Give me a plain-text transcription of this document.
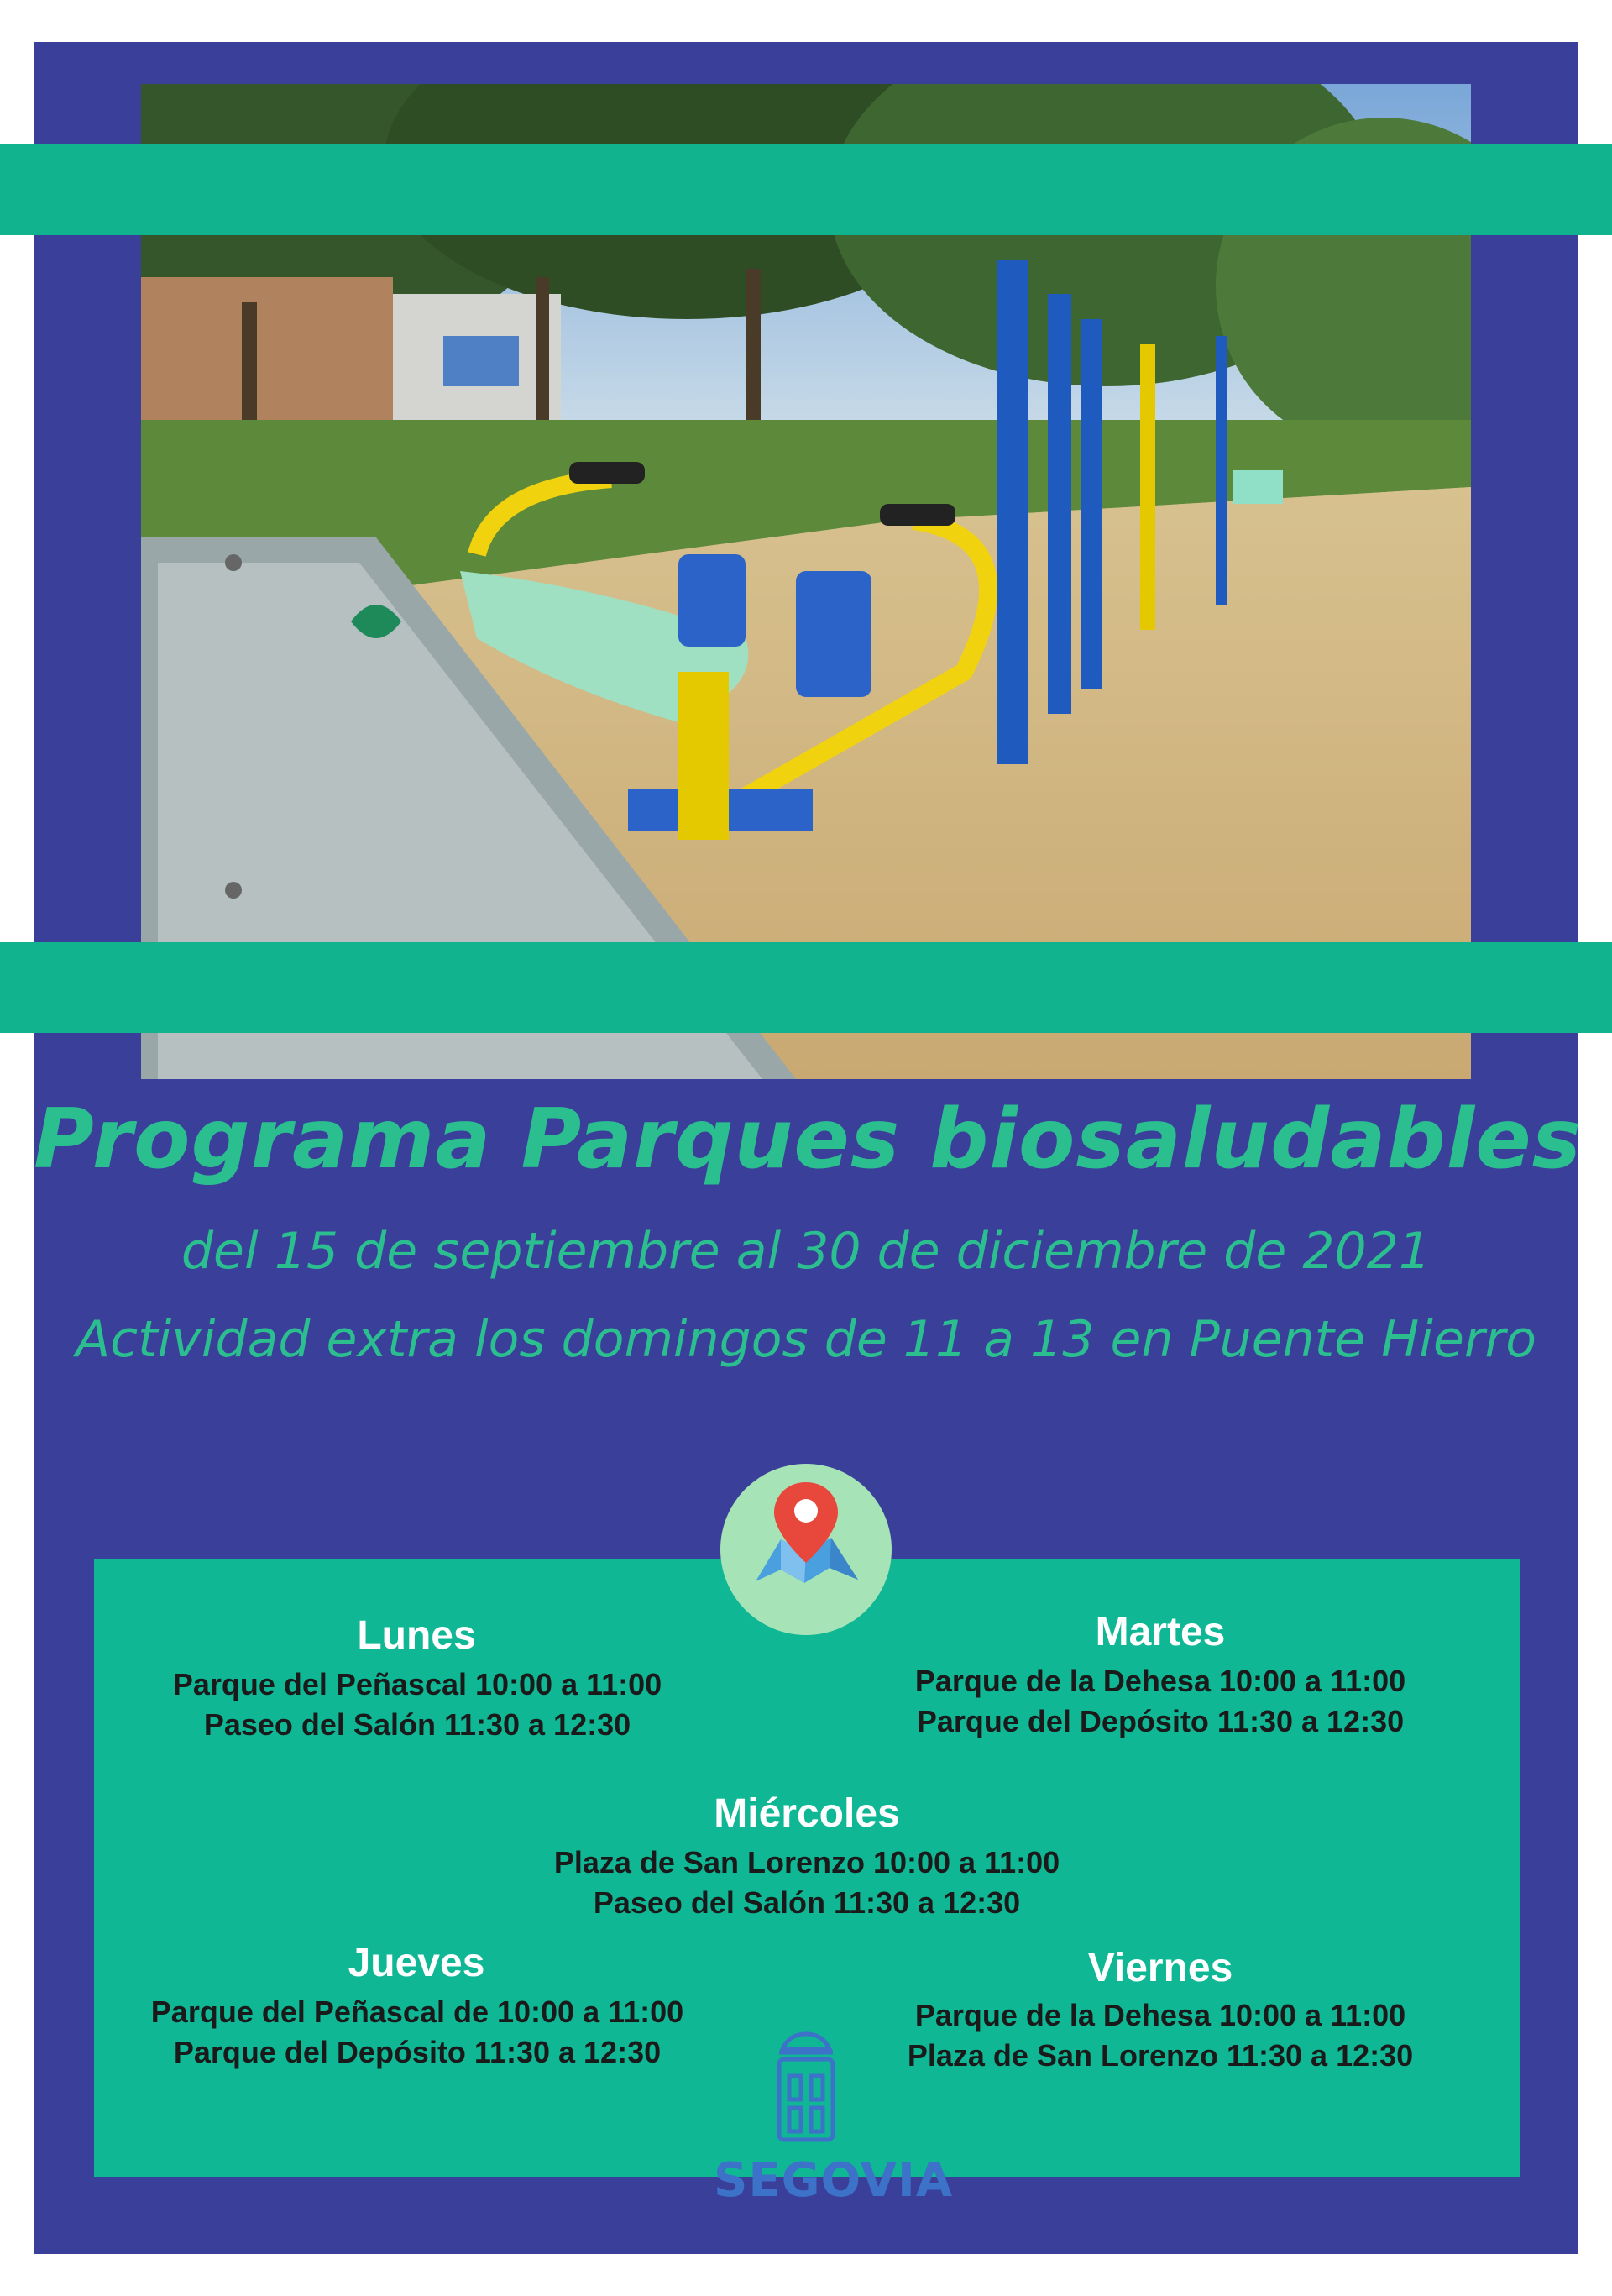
Programa Parques biosaludables

del 15 de septiembre al 30 de diciembre de 2021

Actividad extra los domingos de 11 a 13 en Puente Hierro

Lunes
Parque del Peñascal 10:00 a 11:00
Paseo del Salón 11:30 a 12:30
Martes
Parque de la Dehesa 10:00 a 11:00
Parque del Depósito 11:30 a 12:30
Miércoles
Plaza de San Lorenzo 10:00 a 11:00
Paseo del Salón 11:30 a 12:30
Jueves
Parque del Peñascal de 10:00 a 11:00
Parque del Depósito 11:30 a 12:30
Viernes
Parque de la Dehesa 10:00 a 11:00
Plaza de San Lorenzo 11:30 a 12:30
SEGOVIA
